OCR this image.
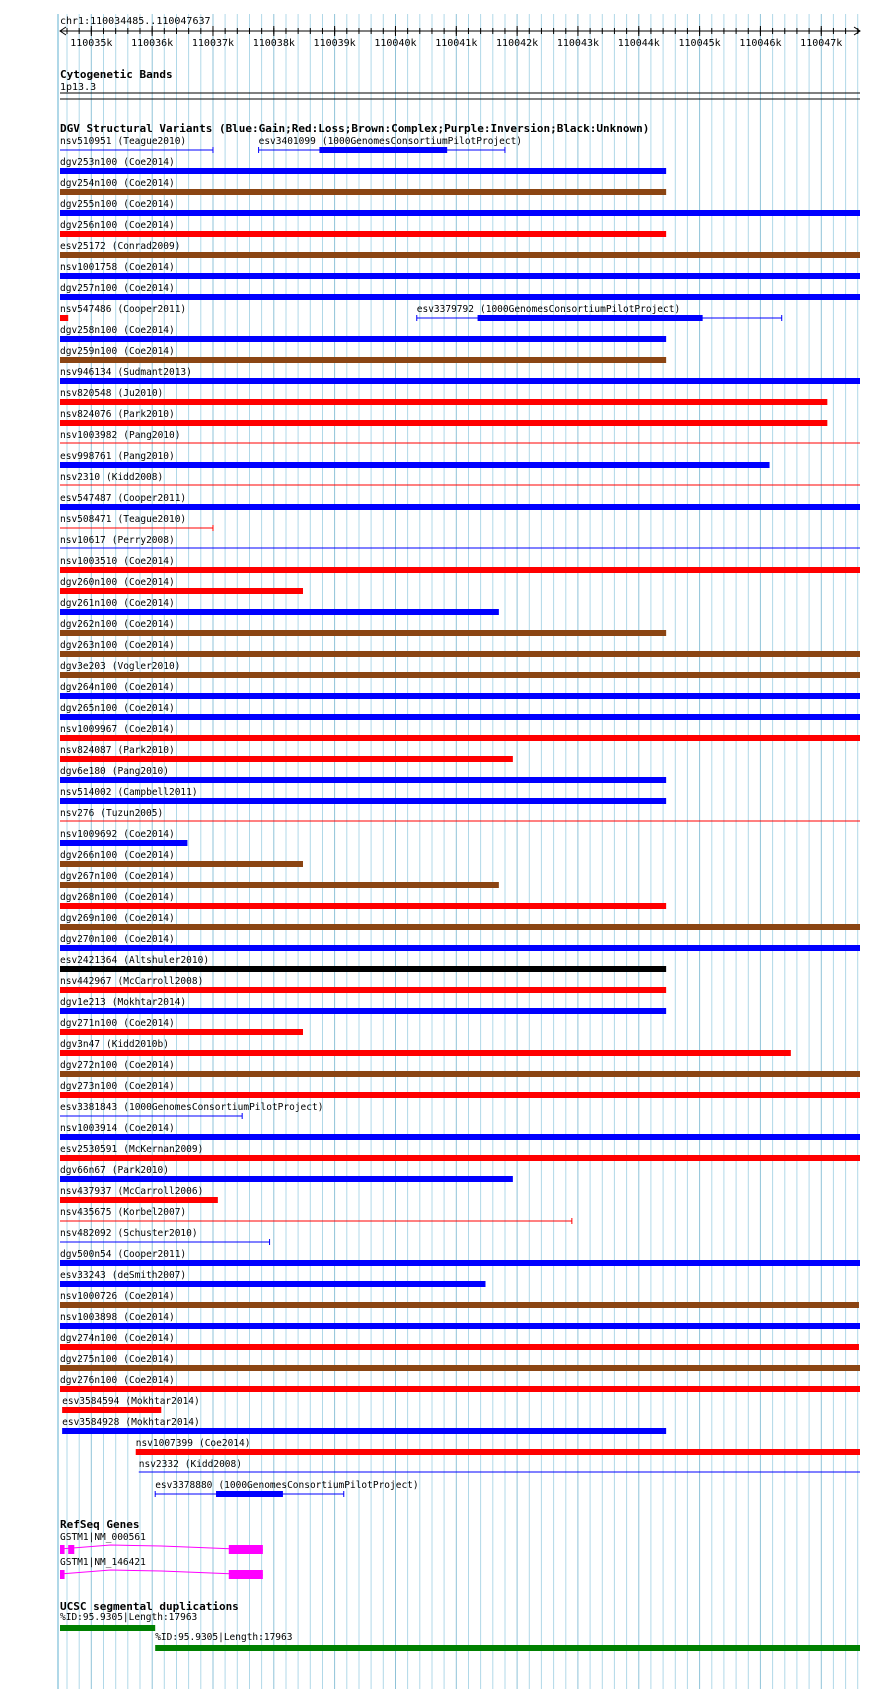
chr1:110034485..110047637
110035k 110036k 110037k 110038k 110039k 110040k 110041k 110042k 110043k 110044k 110045k 110046k 110047k
Cytogenetic Bands
1p13.3
DGV Structural Variants (Blue:Gain;Red:Loss;Brown:Complex;Purple:Inversion;Black:Unknown)
nsv510951 (Teague2010)	esv3401099 (1000GenomesConsortiumPilotProject)
dgv253n100 (Coe2014)
dgv254n100 (Coe2014)
dgv255n100 (Coe2014)
dgv256n100 (Coe2014)
esv25172 (Conrad2009)
nsv1001758 (Coe2014)
dgv257n100 (Coe2014)
nsv547486 (Cooper2011)	esv3379792 (1000GenomesConsortiumPilotProject)
dgv258n100 (Coe2014)
dgv259n100 (Coe2014)
nsv946134 (Sudmant2013)
nsv820548 (Ju2010)
nsv824076 (Park2010)
nsv1003982 (Pang2010)
esv998761 (Pang2010)
nsv2310 (Kidd2008)
esv547487 (Cooper2011)
nsv508471 (Teague2010)
nsv10617 (Perry2008)
nsv1003510 (Coe2014)
dgv260n100 (Coe2014)
dgv261n100 (Coe2014)
dgv262n100 (Coe2014)
dgv263n100 (Coe2014)
dgv3e203 (Vogler2010)
dgv264n100 (Coe2014)
dgv265n100 (Coe2014)
nsv1009967 (Coe2014)
nsv824087 (Park2010)
dgv6e180 (Pang2010)
nsv514002 (Campbell2011)
nsv276 (Tuzun2005)
nsv1009692 (Coe2014)
dgv266n100 (Coe2014)
dgv267n100 (Coe2014)
dgv268n100 (Coe2014)
dgv269n100 (Coe2014)
dgv270n100 (Coe2014)
esv2421364 (Altshuler2010)
nsv442967 (McCarroll2008)
dgv1e213 (Mokhtar2014)
dgv271n100 (Coe2014)
dgv3n47 (Kidd2010b)
dgv272n100 (Coe2014)
dgv273n100 (Coe2014)
esv3381843 (1000GenomesConsortiumPilotProject)
nsv1003914 (Coe2014)
esv2530591 (McKernan2009)
dgv66n67 (Park2010)
nsv437937 (McCarroll2006)
nsv435675 (Korbel2007)
nsv482092 (Schuster2010)
dgv500n54 (Cooper2011)
esv33243 (deSmith2007)
nsv1000726 (Coe2014)
nsv1003898 (Coe2014)
dgv274n100 (Coe2014)
dgv275n100 (Coe2014)
dgv276n100 (Coe2014)
esv3584594 (Mokhtar2014)
esv3584928 (Mokhtar2014)
nsv1007399 (Coe2014)
nsv2332 (Kidd2008)
esv3378880 (1000GenomesConsortiumPilotProject)
RefSeq Genes
GSTM1|NM_000561
GSTM1|NM_146421
UCSC segmental duplications
%ID:95.9305|Length:17963
%ID:95.9305|Length:17963
